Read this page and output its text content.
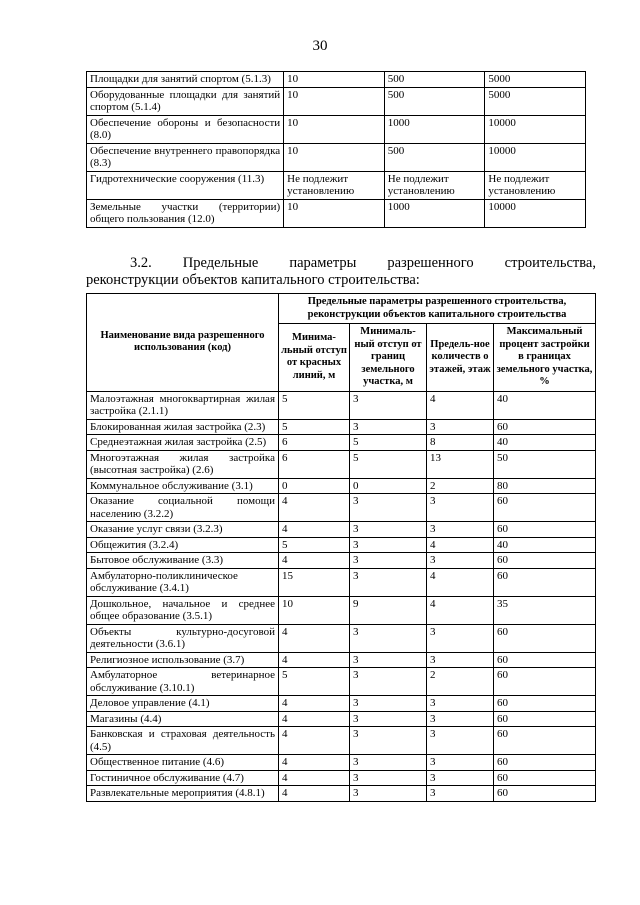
30
Площадки для занятий спортом (5.1.3)	10	500	5000
Оборудованные площадки для занятий спортом (5.1.4)	10	500	5000
Обеспечение обороны и безопасности (8.0)	10	1000	10000
Обеспечение внутреннего правопорядка (8.3)	10	500	10000
Гидротехнические сооружения (11.3)	Не подлежит установлению	Не подлежит установлению	Не подлежит установлению
Земельные участки (территории) общего пользования (12.0)	10	1000	10000
3.2. Предельные параметры разрешенного строительства,
реконструкции объектов капитального строительства:
Наименование вида разрешенного использования (код)	Предельные параметры разрешенного строительства, реконструкции объектов капитального строительства			
	Минима-льный отступ от красных линий, м	Минималь-ный отступ от границ земельного участка, м	Предель-ное количеств о этажей, этаж	Максимальный процент застройки в границах земельного участка, %
Малоэтажная многоквартирная жилая застройка (2.1.1)	5	3	4	40
Блокированная жилая застройка (2.3)	5	3	3	60
Среднеэтажная жилая застройка (2.5)	6	5	8	40
Многоэтажная жилая застройка (высотная застройка) (2.6)	6	5	13	50
Коммунальное обслуживание (3.1)	0	0	2	80
Оказание социальной помощи населению (3.2.2)	4	3	3	60
Оказание услуг связи (3.2.3)	4	3	3	60
Общежития (3.2.4)	5	3	4	40
Бытовое обслуживание (3.3)	4	3	3	60
Амбулаторно-поликлиническое обслуживание (3.4.1)	15	3	4	60
Дошкольное, начальное и среднее общее образование (3.5.1)	10	9	4	35
Объекты культурно-досуговой деятельности (3.6.1)	4	3	3	60
Религиозное использование (3.7)	4	3	3	60
Амбулаторное ветеринарное обслуживание (3.10.1)	5	3	2	60
Деловое управление (4.1)	4	3	3	60
Магазины (4.4)	4	3	3	60
Банковская и страховая деятельность (4.5)	4	3	3	60
Общественное питание (4.6)	4	3	3	60
Гостиничное обслуживание (4.7)	4	3	3	60
Развлекательные мероприятия (4.8.1)	4	3	3	60
